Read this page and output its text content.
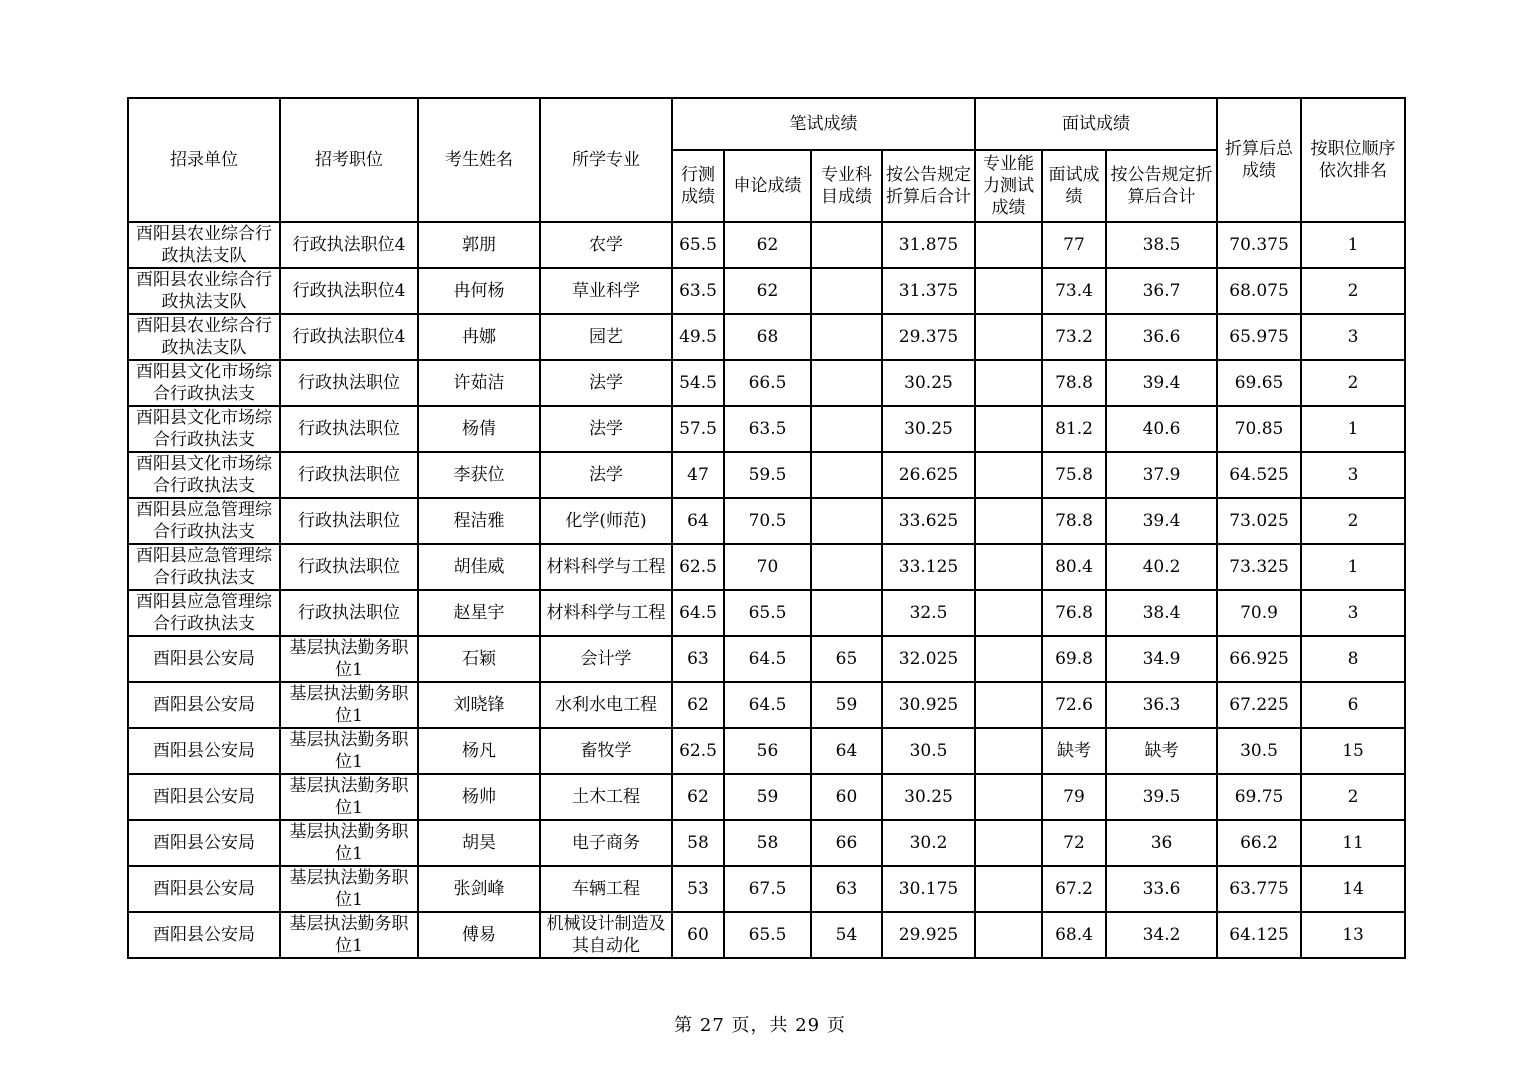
招录单位	招考职位	考生姓名	所学专业	笔试成绩				面试成绩			折算后总成绩	按职位顺序依次排名
				行测成绩	申论成绩	专业科目成绩	按公告规定折算后合计	专业能力测试成绩	面试成绩	按公告规定折算后合计		

酉阳县农业综合行政执法支队	行政执法职位4	郭朋	农学	65.5	62		31.875		77	38.5	70.375	1

酉阳县农业综合行政执法支队	行政执法职位4	冉何杨	草业科学	63.5	62		31.375		73.4	36.7	68.075	2

酉阳县农业综合行政执法支队	行政执法职位4	冉娜	园艺	49.5	68		29.375		73.2	36.6	65.975	3

酉阳县文化市场综合行政执法支	行政执法职位	许茹洁	法学	54.5	66.5		30.25		78.8	39.4	69.65	2

酉阳县文化市场综合行政执法支	行政执法职位	杨倩	法学	57.5	63.5		30.25		81.2	40.6	70.85	1

酉阳县文化市场综合行政执法支	行政执法职位	李获位	法学	47	59.5		26.625		75.8	37.9	64.525	3

酉阳县应急管理综合行政执法支	行政执法职位	程洁雅	化学(师范)	64	70.5		33.625		78.8	39.4	73.025	2

酉阳县应急管理综合行政执法支	行政执法职位	胡佳威	材料科学与工程	62.5	70		33.125		80.4	40.2	73.325	1

酉阳县应急管理综合行政执法支	行政执法职位	赵星宇	材料科学与工程	64.5	65.5		32.5		76.8	38.4	70.9	3

酉阳县公安局	基层执法勤务职位1	石颖	会计学	63	64.5	65	32.025		69.8	34.9	66.925	8

酉阳县公安局	基层执法勤务职位1	刘晓锋	水利水电工程	62	64.5	59	30.925		72.6	36.3	67.225	6

酉阳县公安局	基层执法勤务职位1	杨凡	畜牧学	62.5	56	64	30.5		缺考	缺考	30.5	15

酉阳县公安局	基层执法勤务职位1	杨帅	土木工程	62	59	60	30.25		79	39.5	69.75	2

酉阳县公安局	基层执法勤务职位1	胡昊	电子商务	58	58	66	30.2		72	36	66.2	11

酉阳县公安局	基层执法勤务职位1	张剑峰	车辆工程	53	67.5	63	30.175		67.2	33.6	63.775	14

酉阳县公安局	基层执法勤务职位1	傅易	机械设计制造及其自动化	60	65.5	54	29.925		68.4	34.2	64.125	13
第 27 页，共 29 页
